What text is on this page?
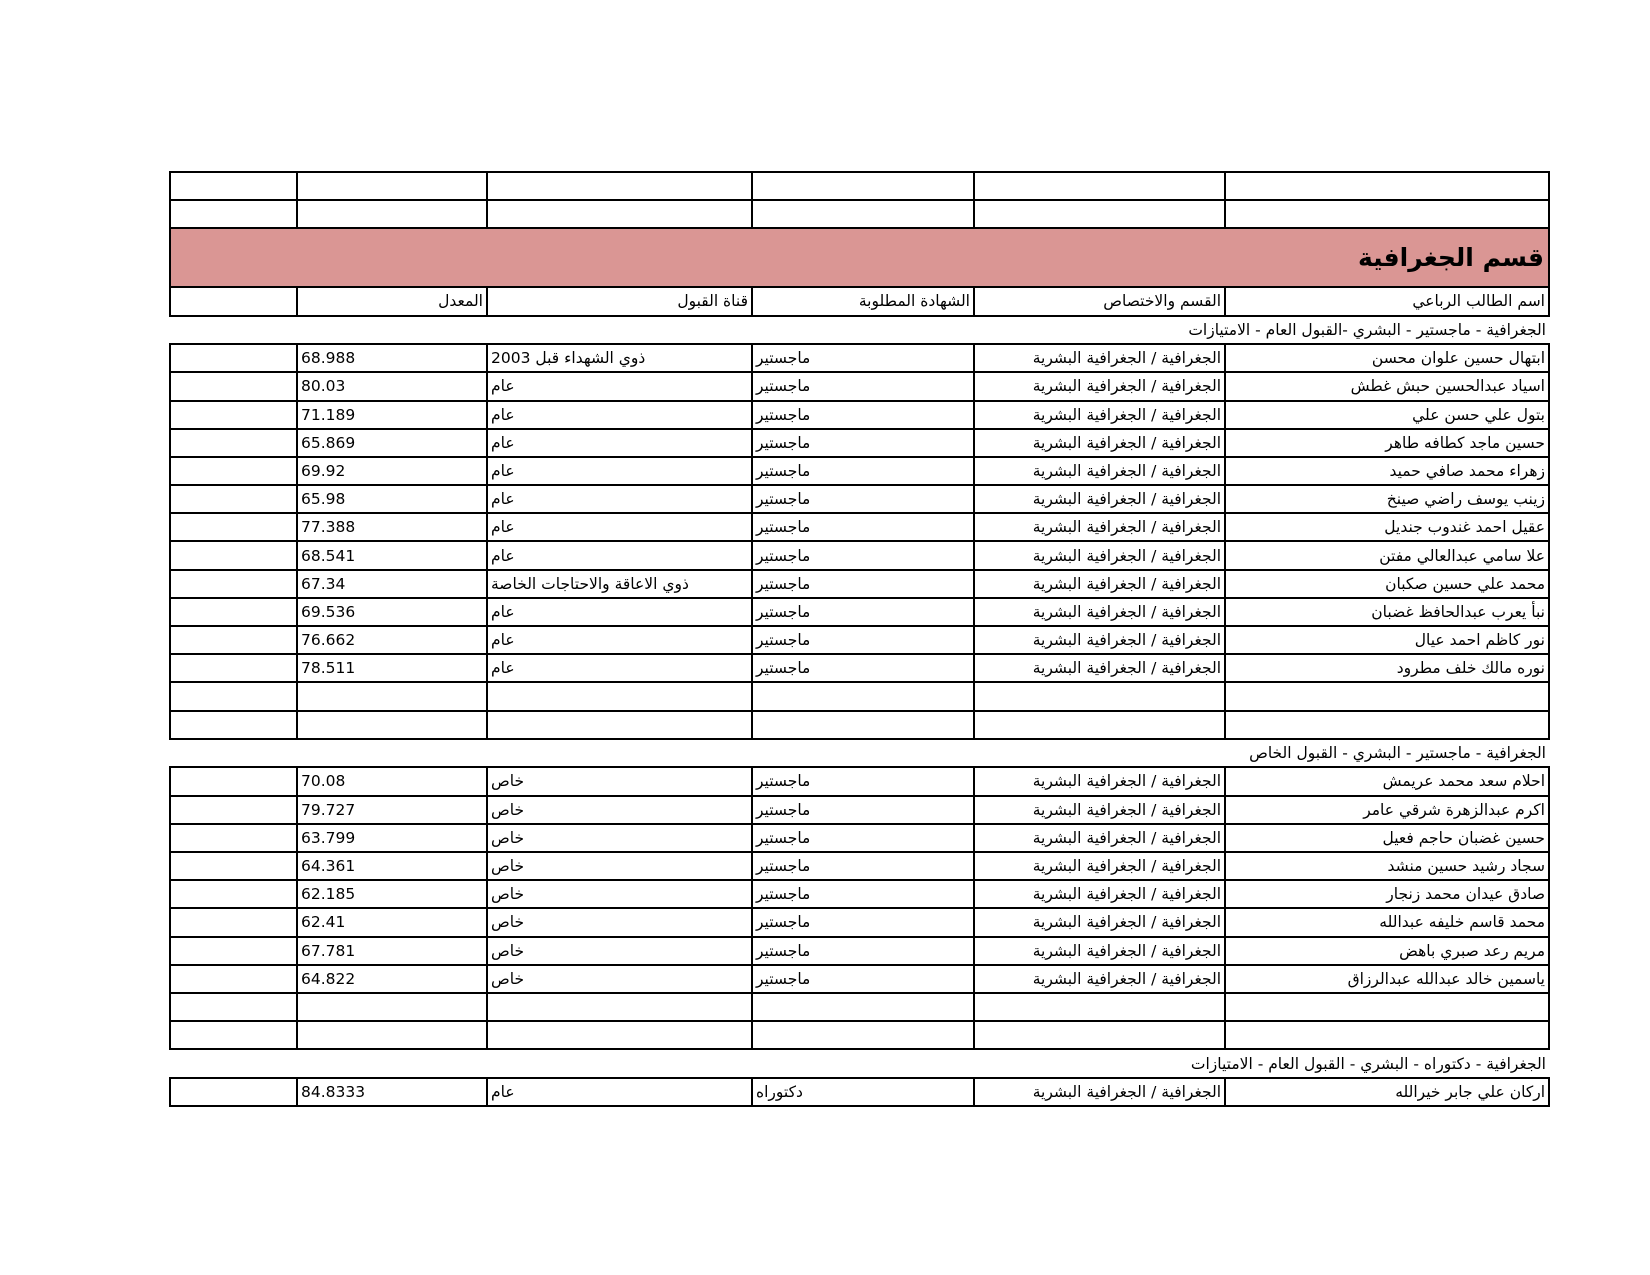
قسم الجغرافية					
اسم الطالب الرباعي	القسم والاختصاص	الشهادة المطلوبة	قناة القبول	المعدل	
الجغرافية - ماجستير - البشري -القبول العام - الامتيازات					
ابتهال حسين علوان محسن	الجغرافية / الجغرافية البشرية	ماجستير	ذوي الشهداء قبل 2003	68.988	
اسياد عبدالحسين حبش غطش	الجغرافية / الجغرافية البشرية	ماجستير	عام	80.03	
بتول علي حسن علي	الجغرافية / الجغرافية البشرية	ماجستير	عام	71.189	
حسين ماجد كطافه طاهر	الجغرافية / الجغرافية البشرية	ماجستير	عام	65.869	
زهراء محمد صافي حميد	الجغرافية / الجغرافية البشرية	ماجستير	عام	69.92	
زينب يوسف راضي صينخ	الجغرافية / الجغرافية البشرية	ماجستير	عام	65.98	
عقيل احمد غندوب جنديل	الجغرافية / الجغرافية البشرية	ماجستير	عام	77.388	
علا سامي عبدالعالي مفتن	الجغرافية / الجغرافية البشرية	ماجستير	عام	68.541	
محمد علي حسين صكبان	الجغرافية / الجغرافية البشرية	ماجستير	ذوي الاعاقة والاحتاجات الخاصة	67.34	
نبأ يعرب عبدالحافظ غضبان	الجغرافية / الجغرافية البشرية	ماجستير	عام	69.536	
نور كاظم احمد عيال	الجغرافية / الجغرافية البشرية	ماجستير	عام	76.662	
نوره مالك خلف مطرود	الجغرافية / الجغرافية البشرية	ماجستير	عام	78.511	

الجغرافية - ماجستير - البشري - القبول الخاص					
احلام سعد محمد عريمش	الجغرافية / الجغرافية البشرية	ماجستير	خاص	70.08	
اكرم عبدالزهرة شرقي عامر	الجغرافية / الجغرافية البشرية	ماجستير	خاص	79.727	
حسين غضبان حاجم فعيل	الجغرافية / الجغرافية البشرية	ماجستير	خاص	63.799	
سجاد رشيد حسين منشد	الجغرافية / الجغرافية البشرية	ماجستير	خاص	64.361	
صادق عيدان محمد زنجار	الجغرافية / الجغرافية البشرية	ماجستير	خاص	62.185	
محمد قاسم خليفه عبدالله	الجغرافية / الجغرافية البشرية	ماجستير	خاص	62.41	
مريم رعد صبري باهض	الجغرافية / الجغرافية البشرية	ماجستير	خاص	67.781	
ياسمين خالد عبدالله عبدالرزاق	الجغرافية / الجغرافية البشرية	ماجستير	خاص	64.822	

الجغرافية - دكتوراه - البشري - القبول العام - الامتيازات					
اركان علي جابر خيرالله	الجغرافية / الجغرافية البشرية	دكتوراه	عام	84.8333	
